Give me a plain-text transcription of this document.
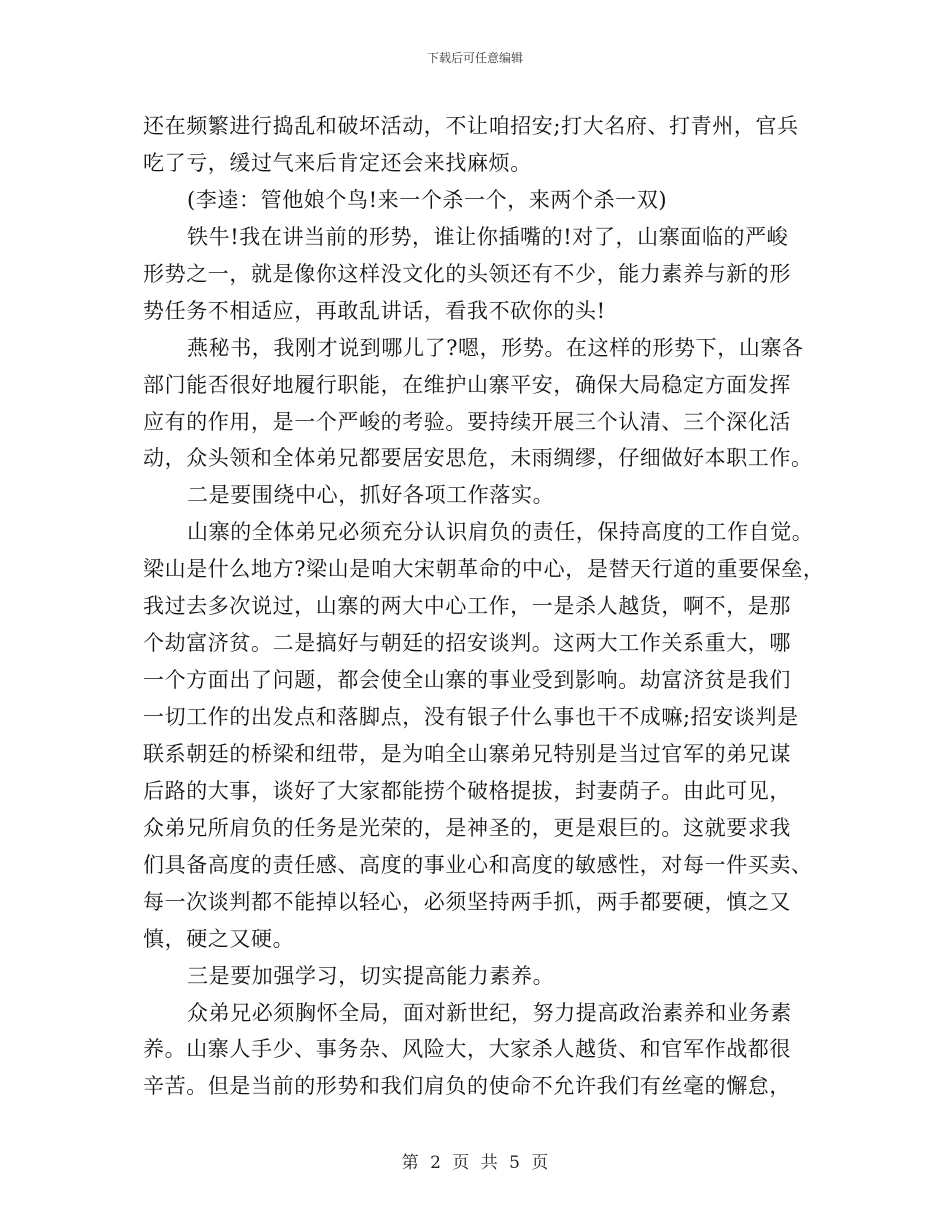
下载后可任意编辑
还在频繁进行捣乱和破坏活动，不让咱招安;打大名府、打青州，官兵
吃了亏，缓过气来后肯定还会来找麻烦。
(李逵：管他娘个鸟!来一个杀一个，来两个杀一双)
铁牛!我在讲当前的形势，谁让你插嘴的!对了，山寨面临的严峻
形势之一，就是像你这样没文化的头领还有不少，能力素养与新的形
势任务不相适应，再敢乱讲话，看我不砍你的头!
燕秘书，我刚才说到哪儿了?嗯，形势。在这样的形势下，山寨各
部门能否很好地履行职能，在维护山寨平安，确保大局稳定方面发挥
应有的作用，是一个严峻的考验。要持续开展三个认清、三个深化活
动，众头领和全体弟兄都要居安思危，未雨绸缪，仔细做好本职工作。
二是要围绕中心，抓好各项工作落实。
山寨的全体弟兄必须充分认识肩负的责任，保持高度的工作自觉。
梁山是什么地方?梁山是咱大宋朝革命的中心，是替天行道的重要保垒，
我过去多次说过，山寨的两大中心工作，一是杀人越货，啊不，是那
个劫富济贫。二是搞好与朝廷的招安谈判。这两大工作关系重大，哪
一个方面出了问题，都会使全山寨的事业受到影响。劫富济贫是我们
一切工作的出发点和落脚点，没有银子什么事也干不成嘛;招安谈判是
联系朝廷的桥梁和纽带，是为咱全山寨弟兄特别是当过官军的弟兄谋
后路的大事，谈好了大家都能捞个破格提拔，封妻荫子。由此可见，
众弟兄所肩负的任务是光荣的，是神圣的，更是艰巨的。这就要求我
们具备高度的责任感、高度的事业心和高度的敏感性，对每一件买卖、
每一次谈判都不能掉以轻心，必须坚持两手抓，两手都要硬，慎之又
慎，硬之又硬。
三是要加强学习，切实提高能力素养。
众弟兄必须胸怀全局，面对新世纪，努力提高政治素养和业务素
养。山寨人手少、事务杂、风险大，大家杀人越货、和官军作战都很
辛苦。但是当前的形势和我们肩负的使命不允许我们有丝毫的懈怠，
第 2 页 共 5 页
